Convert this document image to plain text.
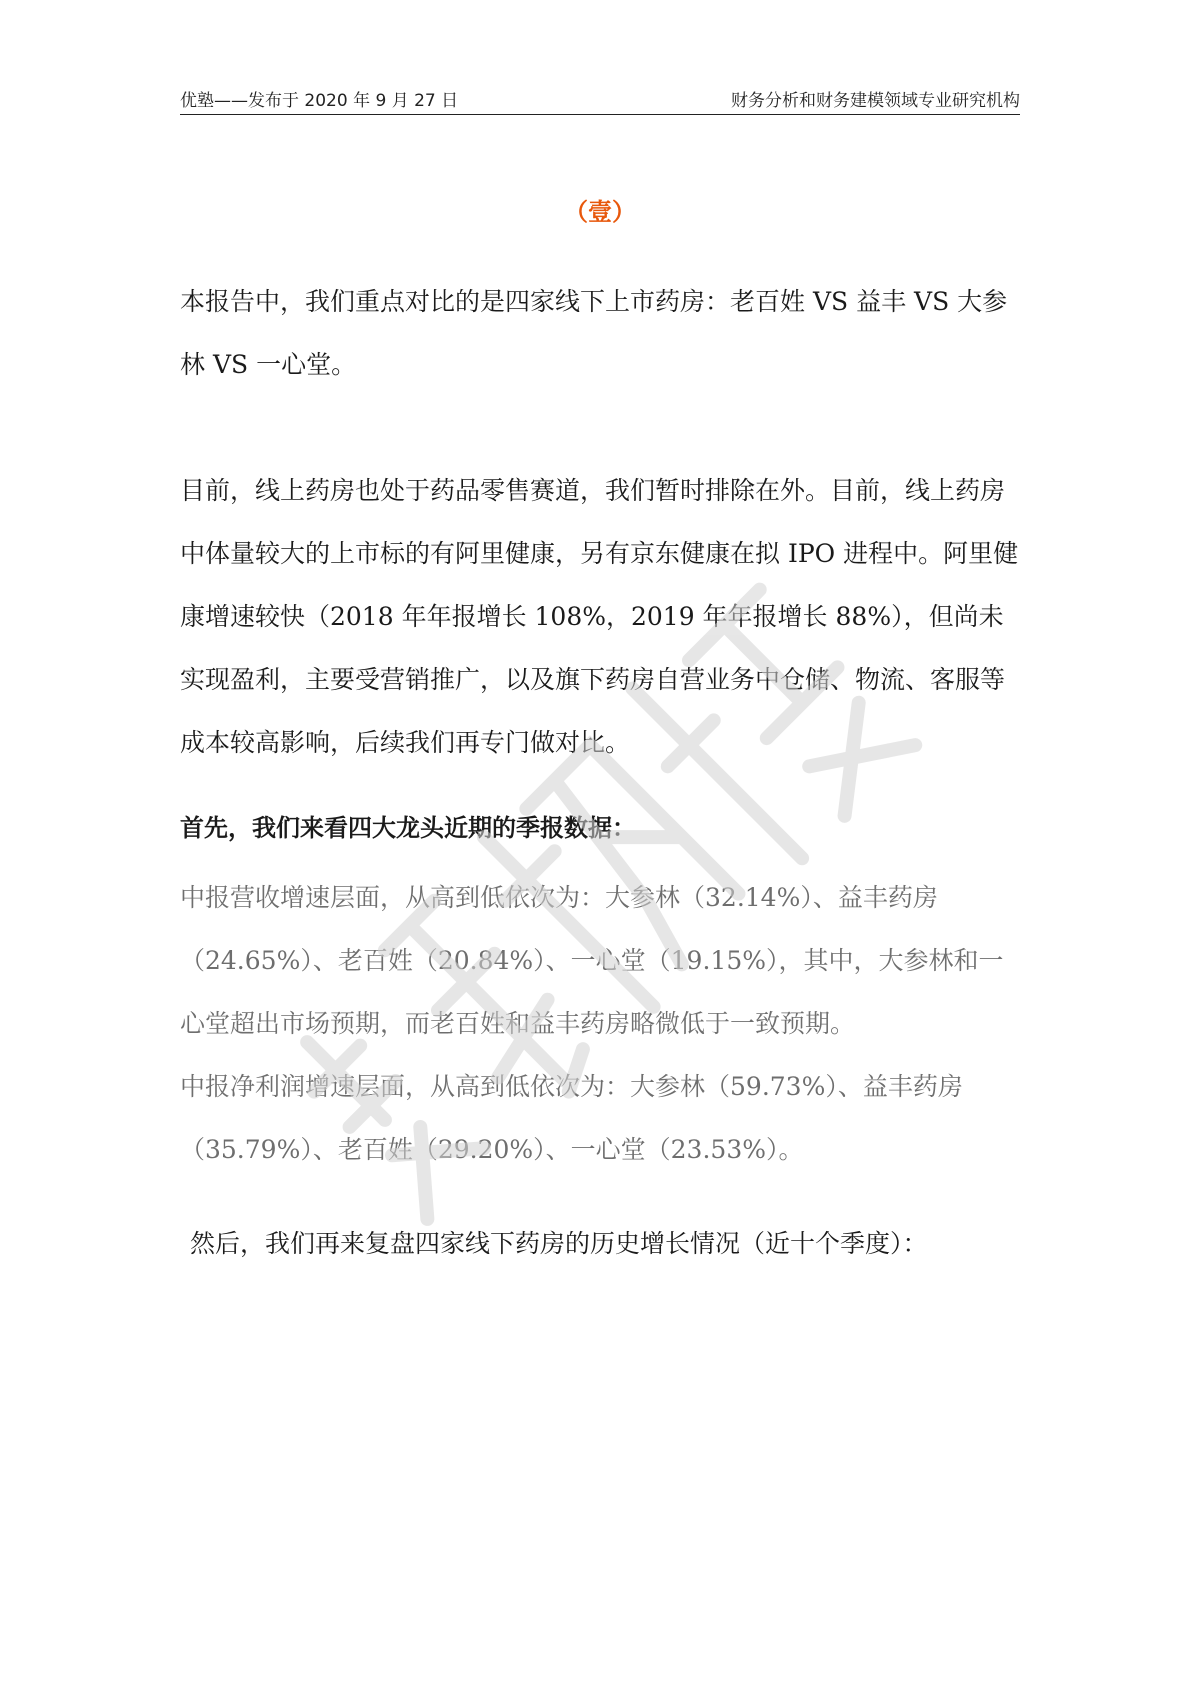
优塾——发布于 2020 年 9 月 27 日	财务分析和财务建模领域专业研究机构
（壹）

本报告中，我们重点对比的是四家线下上市药房：老百姓 VS 益丰 VS 大参林 VS 一心堂。

目前，线上药房也处于药品零售赛道，我们暂时排除在外。目前，线上药房中体量较大的上市标的有阿里健康，另有京东健康在拟 IPO 进程中。阿里健康增速较快（2018 年年报增长 108%，2019 年年报增长 88%），但尚未实现盈利，主要受营销推广，以及旗下药房自营业务中仓储、物流、客服等成本较高影响，后续我们再专门做对比。

首先，我们来看四大龙头近期的季报数据：

中报营收增速层面，从高到低依次为：大参林（32.14%）、益丰药房（24.65%）、老百姓（20.84%）、一心堂（19.15%），其中，大参林和一心堂超出市场预期，而老百姓和益丰药房略微低于一致预期。

中报净利润增速层面，从高到低依次为：大参林（59.73%）、益丰药房（35.79%）、老百姓（29.20%）、一心堂（23.53%）。

然后，我们再来复盘四家线下药房的历史增长情况（近十个季度）：
